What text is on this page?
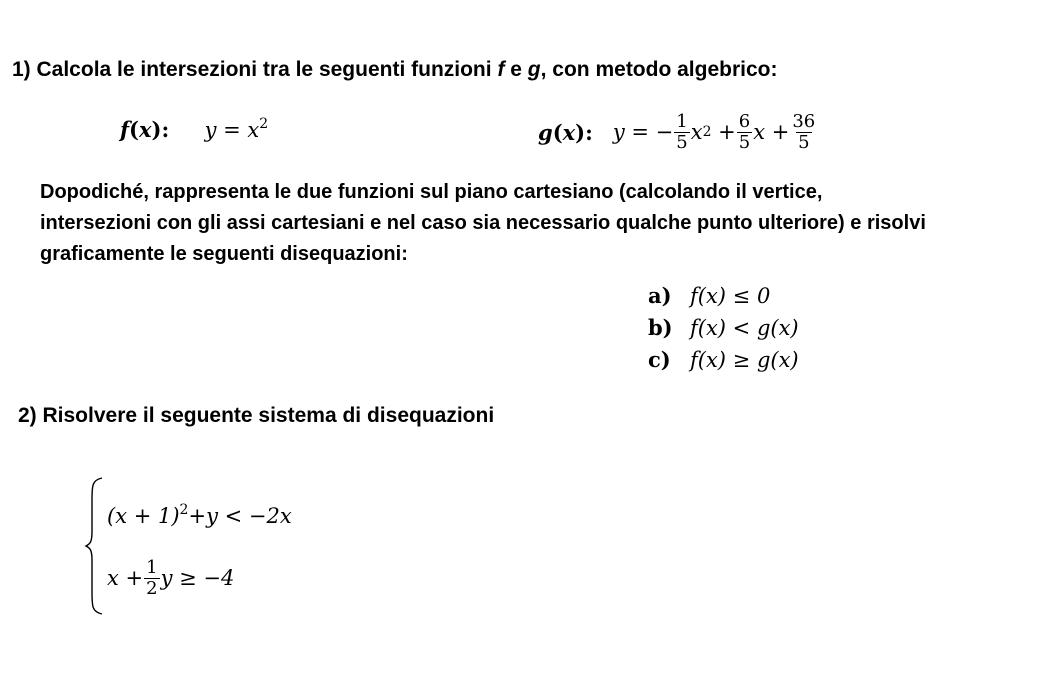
1) Calcola le intersezioni tra le seguenti funzioni f e g, con metodo algebrico:
f(x): $y = x^2$	g ( x ): y = − $\frac{1}{5}$ x $2 + \frac{6}{5}$ $x + \frac{36}{5}$
Dopodiché, rappresenta le due funzioni sul piano cartesiano (calcolando il vertice,
intersezioni con gli assi cartesiani e nel caso sia necessario qualche punto ulteriore) e risolvi
graficamente le seguenti disequazioni:
a) f(x) ≤ 0
b) f(x) < g(x)
c) f(x) ≥ g(x)
2) Risolvere il seguente sistema di disequazioni
$(x + 1)^2+y < -2x$
$x + \frac{1}{2}$ y ≥ −4
